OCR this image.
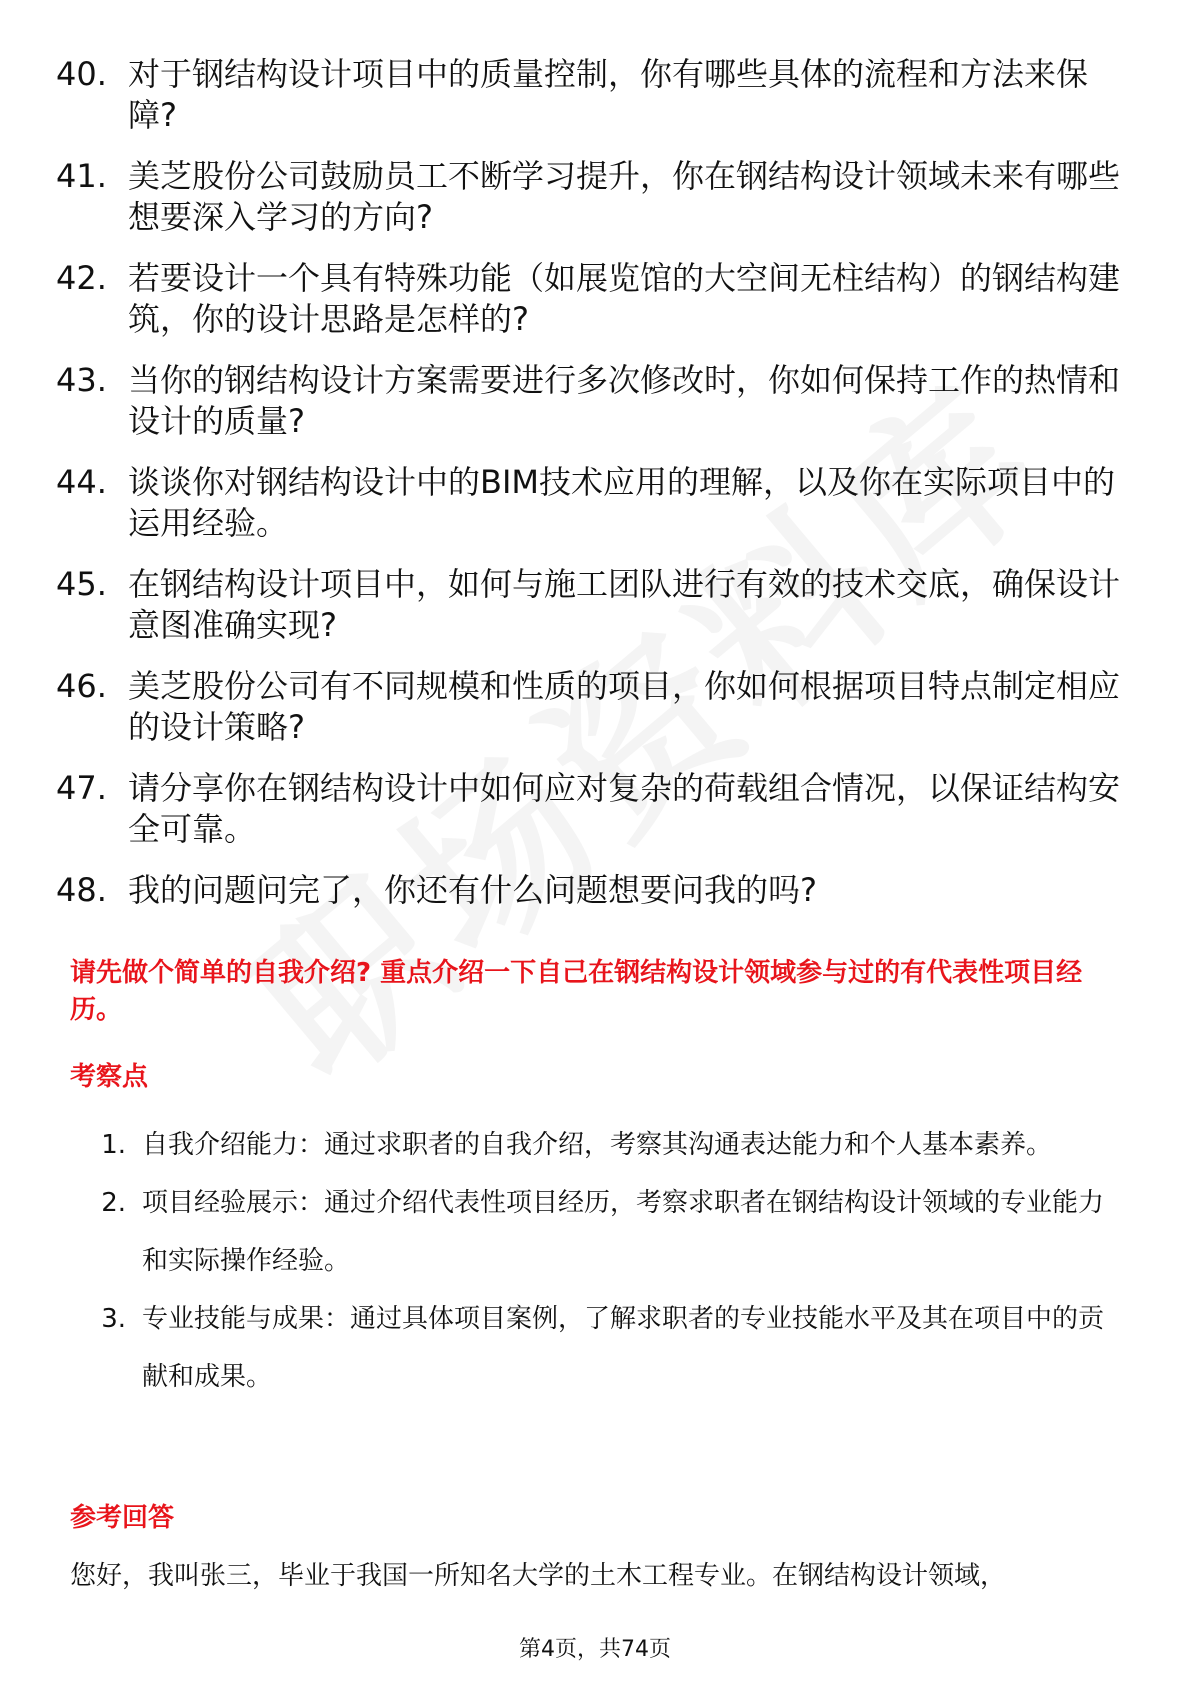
40. 对于钢结构设计项目中的质量控制，你有哪些具体的流程和方法来保障?
41. 美芝股份公司鼓励员工不断学习提升，你在钢结构设计领域未来有哪些想要深入学习的方向?
42. 若要设计一个具有特殊功能（如展览馆的大空间无柱结构）的钢结构建筑，你的设计思路是怎样的?
43. 当你的钢结构设计方案需要进行多次修改时，你如何保持工作的热情和设计的质量?
44. 谈谈你对钢结构设计中的BIM技术应用的理解，以及你在实际项目中的运用经验。
45. 在钢结构设计项目中，如何与施工团队进行有效的技术交底，确保设计意图准确实现?
46. 美芝股份公司有不同规模和性质的项目，你如何根据项目特点制定相应的设计策略?
47. 请分享你在钢结构设计中如何应对复杂的荷载组合情况，以保证结构安全可靠。
48. 我的问题问完了，你还有什么问题想要问我的吗?
请先做个简单的自我介绍? 重点介绍一下自己在钢结构设计领域参与过的有代表性项目经历。
考察点
1. 自我介绍能力：通过求职者的自我介绍，考察其沟通表达能力和个人基本素养。
2. 项目经验展示：通过介绍代表性项目经历，考察求职者在钢结构设计领域的专业能力和实际操作经验。
3. 专业技能与成果：通过具体项目案例，了解求职者的专业技能水平及其在项目中的贡献和成果。
参考回答
您好，我叫张三，毕业于我国一所知名大学的土木工程专业。在钢结构设计领域，
第4页，共74页
